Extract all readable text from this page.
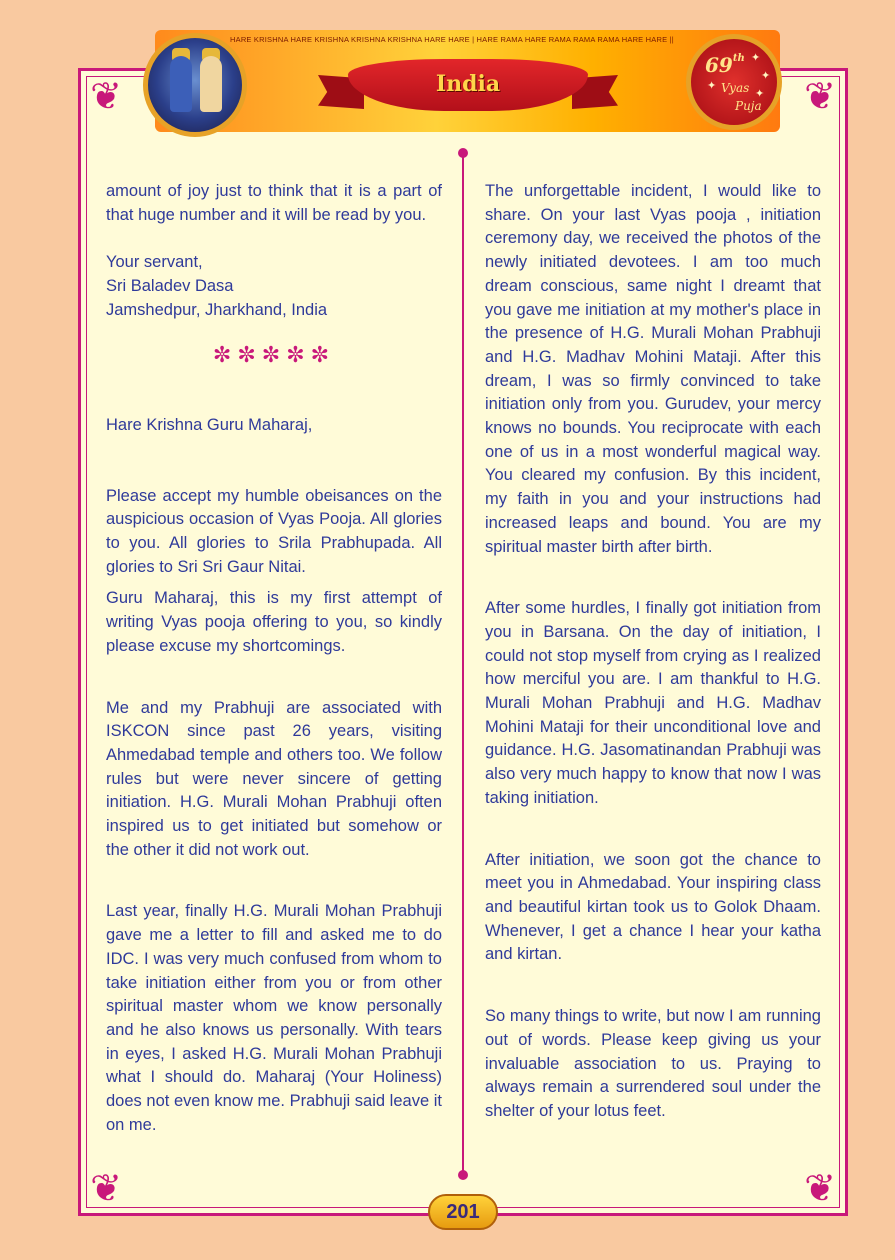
❦	❦
❦	❦
HARE KRISHNA HARE KRISHNA KRISHNA KRISHNA HARE HARE | HARE RAMA HARE RAMA RAMA RAMA HARE HARE ||
India
✦
✦
✦
✦
69th
Vyas
Puja

amount of joy just to think that it is a part of that huge number and it will be read by you.

Your servant,

Sri Baladev Dasa

Jamshedpur, Jharkhand, India

✼✼✼✼✼

Hare Krishna Guru Maharaj,

Please accept my humble obeisances on the auspicious occasion of Vyas Pooja. All glories to you. All glories to Srila Prabhupada. All glories to Sri Sri Gaur Nitai.

Guru Maharaj, this is my first attempt of writing Vyas pooja offering to you, so kindly please excuse my shortcomings.

Me and my Prabhuji are associated with ISKCON since past 26 years, visiting Ahmedabad temple and others too. We follow rules but were never sincere of getting initiation. H.G. Murali Mohan Prabhuji often inspired us to get initiated but somehow or the other it did not work out.

Last year, finally H.G. Murali Mohan Prabhuji gave me a letter to fill and asked me to do IDC. I was very much confused from whom to take initiation either from you or from other spiritual master whom we know personally and he also knows us personally. With tears in eyes, I asked H.G. Murali Mohan Prabhuji what I should do. Maharaj (Your Holiness) does not even know me. Prabhuji said leave it on me.

The unforgettable incident, I would like to share. On your last Vyas pooja , initiation ceremony day, we received the photos of the newly initiated devotees. I am too much dream conscious, same night I dreamt that you gave me initiation at my mother's place in the presence of H.G. Murali Mohan Prabhuji and H.G. Madhav Mohini Mataji. After this dream, I was so firmly convinced to take initiation only from you. Gurudev, your mercy knows no bounds. You reciprocate with each one of us in a most wonderful magical way. You cleared my confusion. By this incident, my faith in you and your instructions had increased leaps and bound. You are my spiritual master birth after birth.

After some hurdles, I finally got initiation from you in Barsana. On the day of initiation, I could not stop myself from crying as I realized how merciful you are. I am thankful to H.G. Murali Mohan Prabhuji and H.G. Madhav Mohini Mataji for their unconditional love and guidance. H.G. Jasomatinandan Prabhuji was also very much happy to know that now I was taking initiation.

After initiation, we soon got the chance to meet you in Ahmedabad. Your inspiring class and beautiful kirtan took us to Golok Dhaam. Whenever, I get a chance I hear your katha and kirtan.

So many things to write, but now I am running out of words. Please keep giving us your invaluable association to us. Praying to always remain a surrendered soul under the shelter of your lotus feet.

201
